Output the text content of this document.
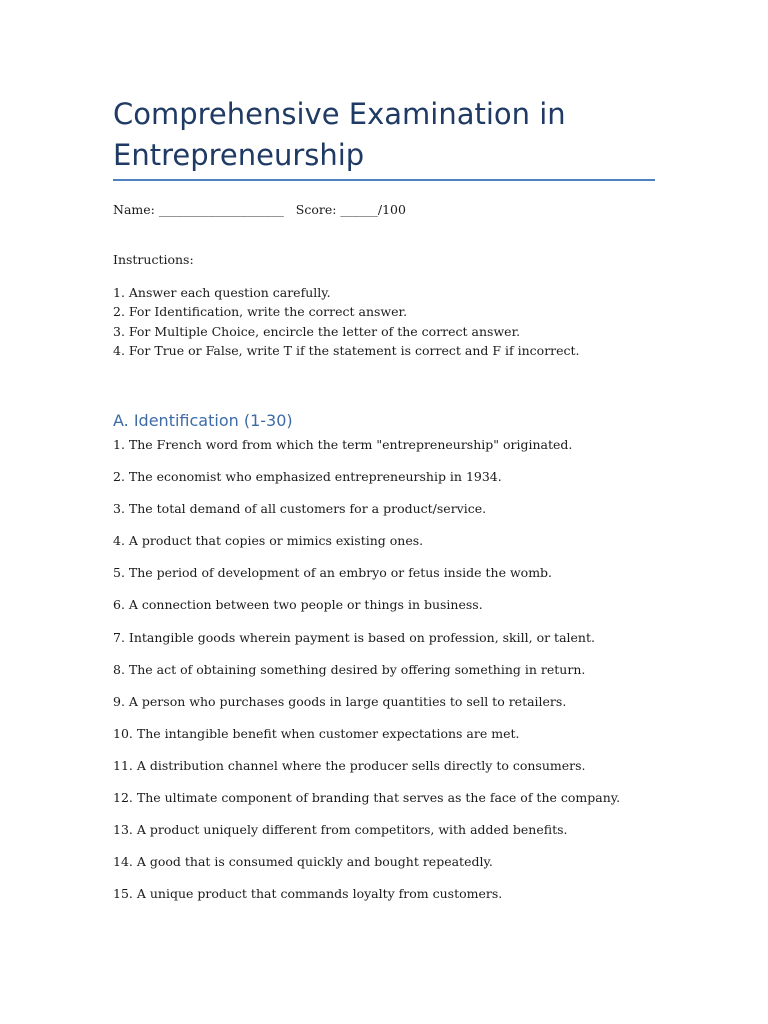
Comprehensive Examination in Entrepreneurship
Name: ____________________ Score: ______/100
Instructions:
1. Answer each question carefully.
2. For Identification, write the correct answer.
3. For Multiple Choice, encircle the letter of the correct answer.
4. For True or False, write T if the statement is correct and F if incorrect.
A. Identification (1-30)
1. The French word from which the term "entrepreneurship" originated.
2. The economist who emphasized entrepreneurship in 1934.
3. The total demand of all customers for a product/service.
4. A product that copies or mimics existing ones.
5. The period of development of an embryo or fetus inside the womb.
6. A connection between two people or things in business.
7. Intangible goods wherein payment is based on profession, skill, or talent.
8. The act of obtaining something desired by offering something in return.
9. A person who purchases goods in large quantities to sell to retailers.
10. The intangible benefit when customer expectations are met.
11. A distribution channel where the producer sells directly to consumers.
12. The ultimate component of branding that serves as the face of the company.
13. A product uniquely different from competitors, with added benefits.
14. A good that is consumed quickly and bought repeatedly.
15. A unique product that commands loyalty from customers.
